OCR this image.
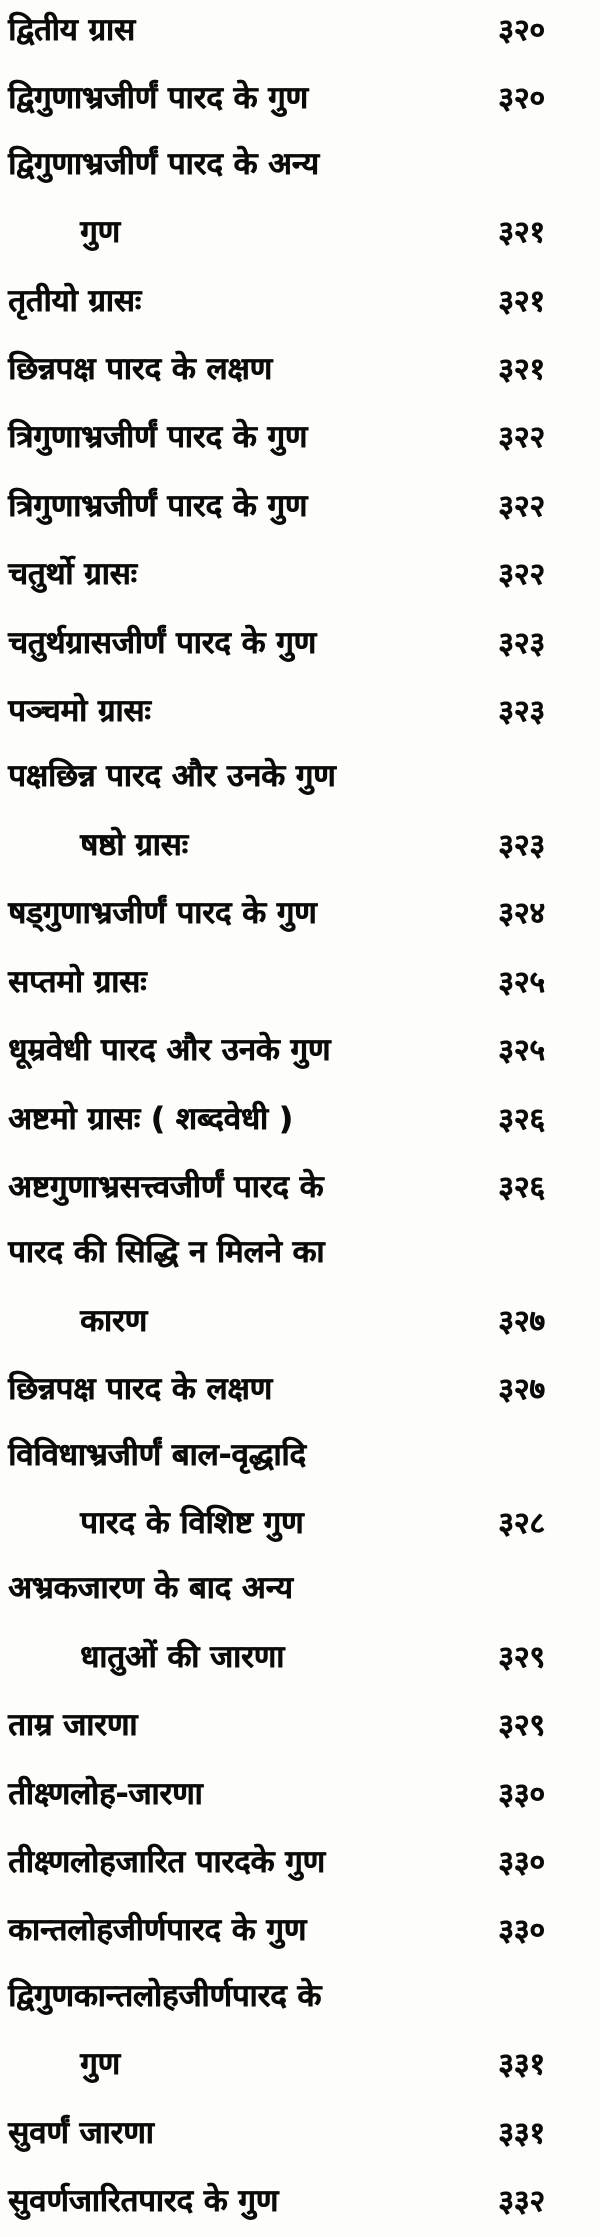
द्वितीय ग्रास	३२०
द्विगुणाभ्रजीर्णं पारद के गुण	३२०
द्विगुणाभ्रजीर्णं पारद के अन्य
गुण	३२१
तृतीयो ग्रासः	३२१
छिन्नपक्ष पारद के लक्षण	३२१
त्रिगुणाभ्रजीर्णं पारद के गुण	३२२
त्रिगुणाभ्रजीर्णं पारद के गुण	३२२
चतुर्थो ग्रासः	३२२
चतुर्थग्रासजीर्णं पारद के गुण	३२३
पञ्चमो ग्रासः	३२३
पक्षछिन्न पारद और उनके गुण
षष्ठो ग्रासः	३२३
षड्गुणाभ्रजीर्णं पारद के गुण	३२४
सप्तमो ग्रासः	३२५
धूम्रवेधी पारद और उनके गुण	३२५
अष्टमो ग्रासः ( शब्दवेधी )	३२६
अष्टगुणाभ्रसत्त्वजीर्णं पारद के	३२६
पारद की सिद्धि न मिलने का
कारण	३२७
छिन्नपक्ष पारद के लक्षण	३२७
विविधाभ्रजीर्णं बाल-वृद्धादि
पारद के विशिष्ट गुण	३२८
अभ्रकजारण के बाद अन्य
धातुओं की जारणा	३२९
ताम्र जारणा	३२९
तीक्ष्णलोह-जारणा	३३०
तीक्ष्णलोहजारित पारदके गुण	३३०
कान्तलोहजीर्णपारद के गुण	३३०
द्विगुणकान्तलोहजीर्णपारद के
गुण	३३१
सुवर्णं जारणा	३३१
सुवर्णजारितपारद के गुण	३३२
